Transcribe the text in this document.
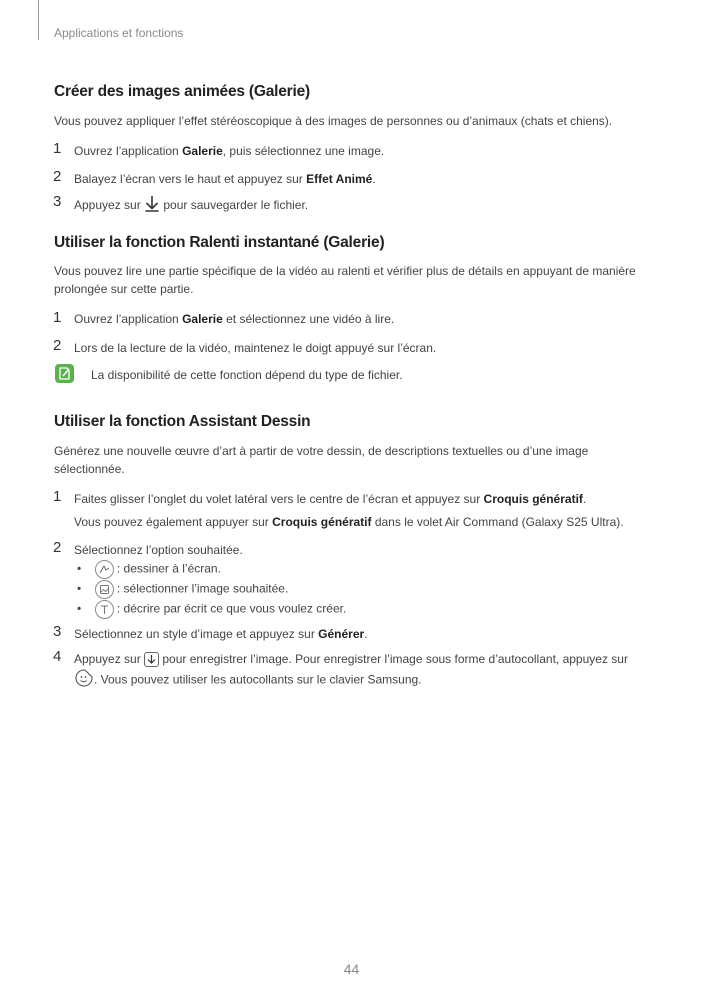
Applications et fonctions
Créer des images animées (Galerie)
Vous pouvez appliquer l’effet stéréoscopique à des images de personnes ou d’animaux (chats et chiens).
1 Ouvrez l’application Galerie, puis sélectionnez une image.
2 Balayez l’écran vers le haut et appuyez sur Effet Animé.
3 Appuyez sur  pour sauvegarder le fichier.
Utiliser la fonction Ralenti instantané (Galerie)
Vous pouvez lire une partie spécifique de la vidéo au ralenti et vérifier plus de détails en appuyant de manière prolongée sur cette partie.
1 Ouvrez l’application Galerie et sélectionnez une vidéo à lire.
2 Lors de la lecture de la vidéo, maintenez le doigt appuyé sur l’écran.
La disponibilité de cette fonction dépend du type de fichier.
Utiliser la fonction Assistant Dessin
Générez une nouvelle œuvre d’art à partir de votre dessin, de descriptions textuelles ou d’une image sélectionnée.
1 Faites glisser l’onglet du volet latéral vers le centre de l’écran et appuyez sur Croquis génératif.
Vous pouvez également appuyer sur Croquis génératif dans le volet Air Command (Galaxy S25 Ultra).
2 Sélectionnez l’option souhaitée.
•     : dessiner à l’écran.
•     : sélectionner l’image souhaitée.
•     : décrire par écrit ce que vous voulez créer.
3 Sélectionnez un style d’image et appuyez sur Générer.
4 Appuyez sur  pour enregistrer l’image. Pour enregistrer l’image sous forme d’autocollant, appuyez sur
. Vous pouvez utiliser les autocollants sur le clavier Samsung.
44
